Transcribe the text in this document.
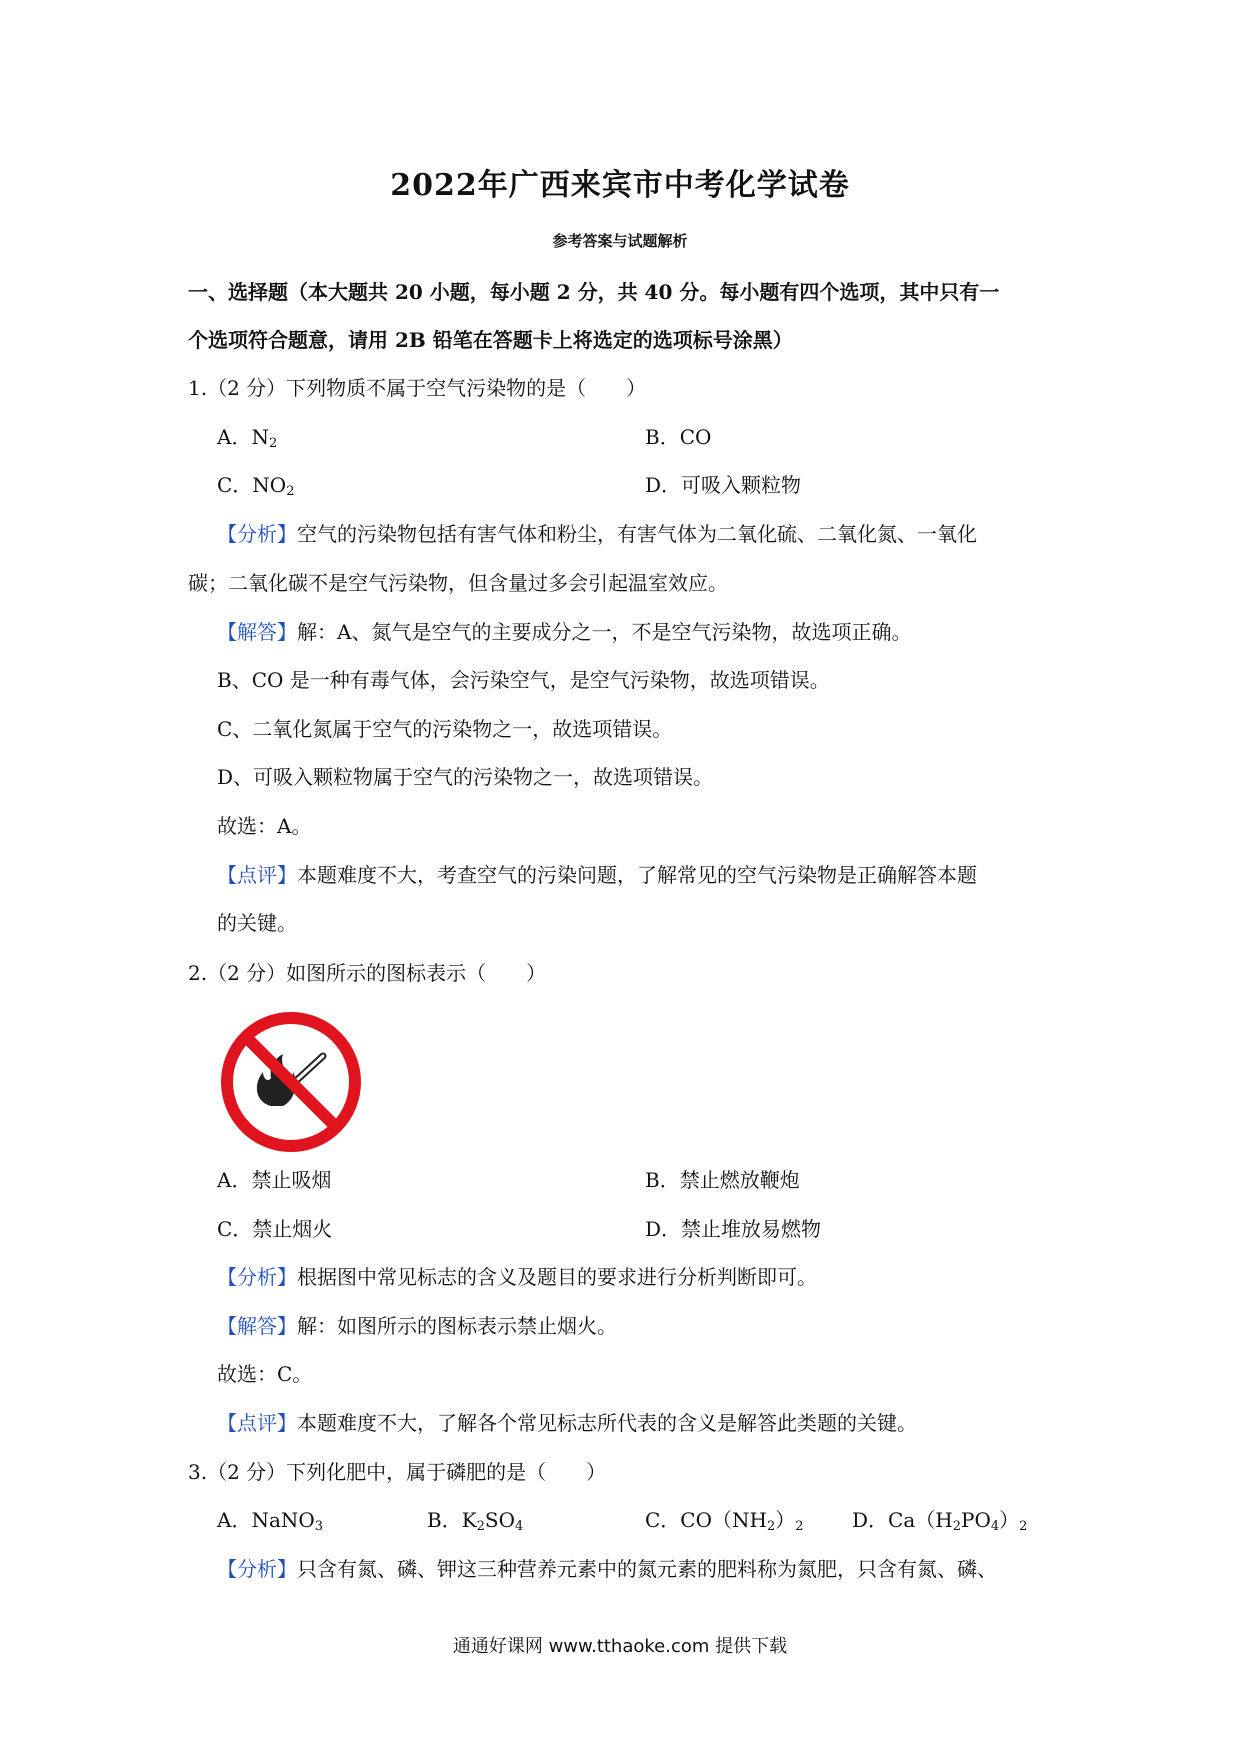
2022年广西来宾市中考化学试卷
参考答案与试题解析
一、选择题（本大题共 20 小题，每小题 2 分，共 40 分。每小题有四个选项，其中只有一
个选项符合题意，请用 2B 铅笔在答题卡上将选定的选项标号涂黑）
1.（2 分）下列物质不属于空气污染物的是（　　）
A．$N_2$	B．CO
C．$NO_2$	D．可吸入颗粒物
【分析】空气的污染物包括有害气体和粉尘，有害气体为二氧化硫、二氧化氮、一氧化
碳；二氧化碳不是空气污染物，但含量过多会引起温室效应。
【解答】解：A、氮气是空气的主要成分之一，不是空气污染物，故选项正确。
B、CO 是一种有毒气体，会污染空气，是空气污染物，故选项错误。
C、二氧化氮属于空气的污染物之一，故选项错误。
D、可吸入颗粒物属于空气的污染物之一，故选项错误。
故选：A。
【点评】本题难度不大，考查空气的污染问题，了解常见的空气污染物是正确解答本题
的关键。
2.（2 分）如图所示的图标表示（　　）
A．禁止吸烟	B．禁止燃放鞭炮
C．禁止烟火	D．禁止堆放易燃物
【分析】根据图中常见标志的含义及题目的要求进行分析判断即可。
【解答】解：如图所示的图标表示禁止烟火。
故选：C。
【点评】本题难度不大，了解各个常见标志所代表的含义是解答此类题的关键。
3.（2 分）下列化肥中，属于磷肥的是（　　）
A．NaNO$_3$	B．$K_2SO_4$	C．$CO(NH_2)_2$ D．$Ca(H_2PO_4)_2$
【分析】只含有氮、磷、钾这三种营养元素中的氮元素的肥料称为氮肥，只含有氮、磷、
通通好课网 www.tthaoke.com 提供下载
